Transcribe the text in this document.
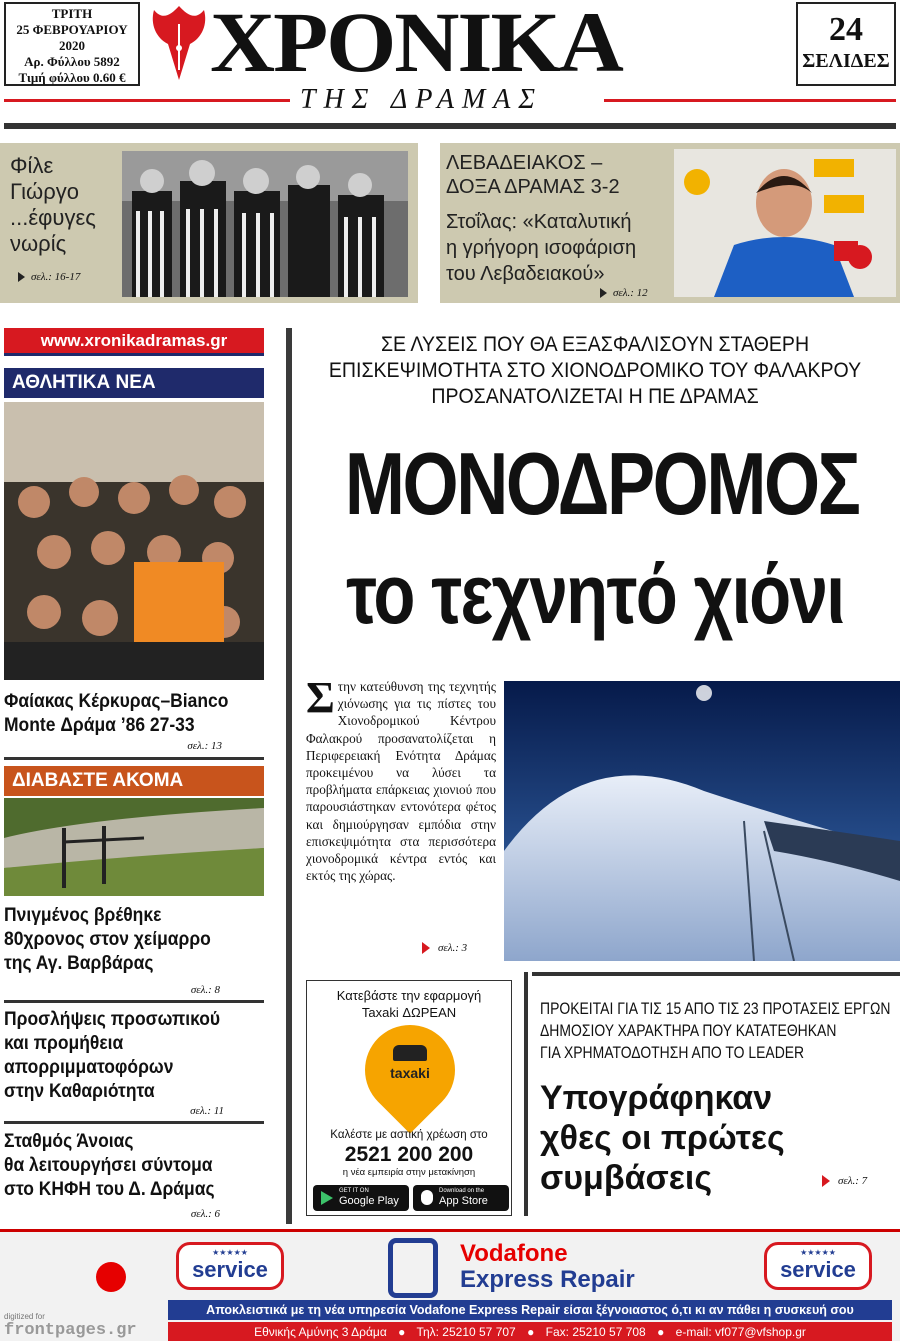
ΤΡΙΤΗ
25 ΦΕΒΡΟΥΑΡΙΟΥ 2020
Αρ. Φύλλου 5892
Τιμή φύλλου 0.60 € ΧΡΟΝΙΚΑ
ΤΗΣ ΔΡΑΜΑΣ
24
ΣΕΛΙΔΕΣ
Φίλε
Γιώργο
...έφυγες
νωρίς
σελ.: 16-17
ΛΕΒΑΔΕΙΑΚΟΣ –
ΔΟΞΑ ΔΡΑΜΑΣ 3-2
Στοΐλας: «Καταλυτική
η γρήγορη ισοφάριση
του Λεβαδειακού»
σελ.: 12
www.xronikadramas.gr
ΑΘΛΗΤΙΚΑ ΝΕΑ
Φαίακας Κέρκυρας–Bianco
Monte Δράμα ’86 27-33
σελ.: 13
ΔΙΑΒΑΣΤΕ ΑΚΟΜΑ
Πνιγμένος βρέθηκε
80χρονος στον χείμαρρο
της Αγ. Βαρβάρας
σελ.: 8
Προσλήψεις προσωπικού
και προμήθεια
απορριμματοφόρων
στην Καθαριότητα
σελ.: 11
Σταθμός Άνοιας
θα λειτουργήσει σύντομα
στο ΚΗΦΗ του Δ. Δράμας
σελ.: 6
ΣΕ ΛΥΣΕΙΣ ΠΟΥ ΘΑ ΕΞΑΣΦΑΛΙΣΟΥΝ ΣΤΑΘΕΡΗ
ΕΠΙΣΚΕΨΙΜΟΤΗΤΑ ΣΤΟ ΧΙΟΝΟΔΡΟΜΙΚΟ ΤΟΥ ΦΑΛΑΚΡΟΥ
ΠΡΟΣΑΝΑΤΟΛΙΖΕΤΑΙ Η ΠΕ ΔΡΑΜΑΣ
ΜΟΝΟΔΡΟΜΟΣ
το τεχνητό χιόνι
Στην κατεύθυνση της τεχνητής χιόνωσης για τις πίστες του Χιονοδρομικού Κέντρου Φαλακρού προσανατολίζεται η Περιφερειακή Ενότητα Δράμας προκειμένου να λύσει τα προβλήματα επάρκειας χιονιού που παρουσιάστηκαν εντονότερα φέτος και δημιούργησαν εμπόδια στην επισκεψιμότητα στα περισσότερα χιονοδρομικά κέντρα εντός και εκτός της χώρας.
σελ.: 3
Κατεβάστε την εφαρμογή
Taxaki ΔΩΡΕΑΝ
taxaki
Καλέστε με αστική χρέωση στο
2521 200 200
η νέα εμπειρία στην μετακίνηση
GET IT ON
Google Play
Download on the
App Store
ΠΡΟΚΕΙΤΑΙ ΓΙΑ ΤΙΣ 15 ΑΠΟ ΤΙΣ 23 ΠΡΟΤΑΣΕΙΣ ΕΡΓΩΝ
ΔΗΜΟΣΙΟΥ ΧΑΡΑΚΤΗΡΑ ΠΟΥ ΚΑΤΑΤΕΘΗΚΑΝ
ΓΙΑ ΧΡΗΜΑΤΟΔΟΤΗΣΗ ΑΠΟ ΤΟ LEADER
Υπογράφηκαν
χθες οι πρώτες
συμβάσεις	σελ.: 7
★★★★★
service
Vodafone
Express Repair
★★★★★
service
Αποκλειστικά με τη νέα υπηρεσία Vodafone Express Repair είσαι ξέγνοιαστος ό,τι κι αν πάθει η συσκευή σου
Εθνικής Αμύνης 3 Δράμα ● Τηλ: 25210 57 707 ● Fax: 25210 57 708 ● e-mail: vf077@vfshop.gr
digitized for
frontpages.gr
